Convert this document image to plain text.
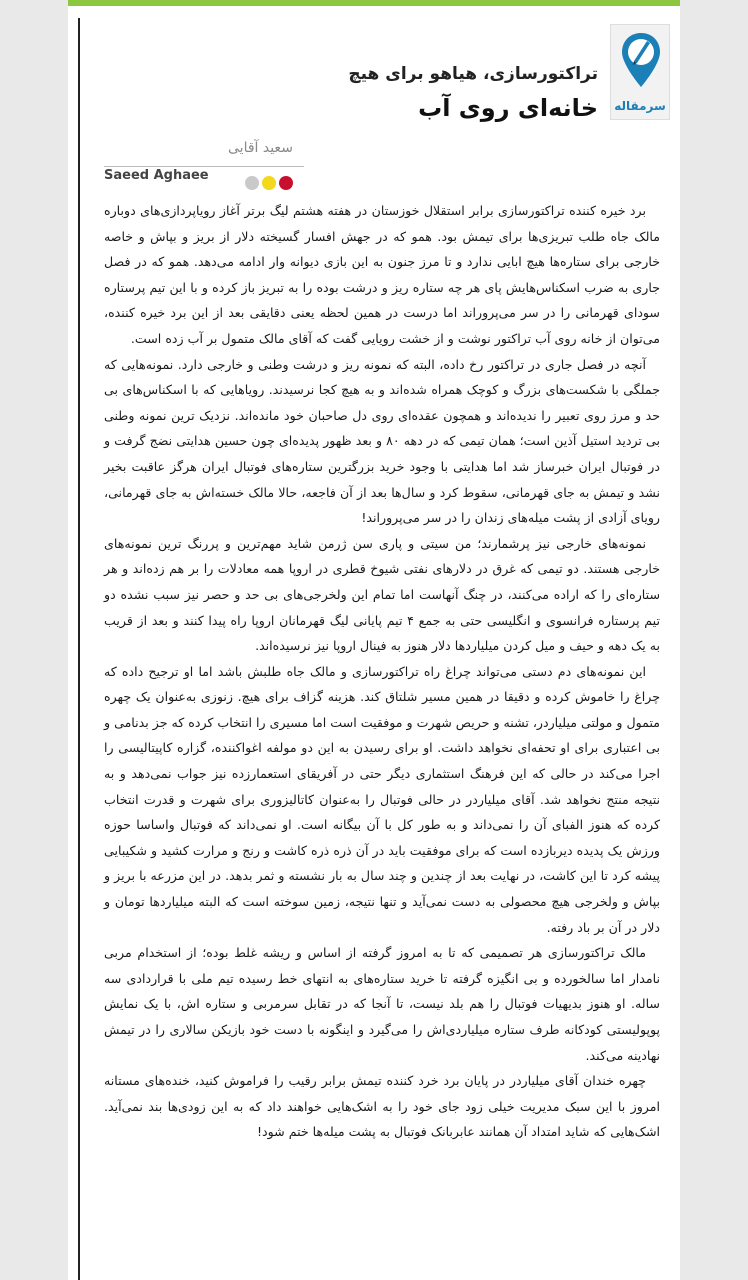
سرمقاله
تراکتورسازی، هیاهو برای هیچ
خانه‌ای روی آب
سعید آقایی
Saeed Aghaee

برد خیره کننده تراکتورسازی برابر استقلال خوزستان در هفته هشتم لیگ برتر آغاز رویاپردازی‌های دوباره مالک جاه طلب تبریزی‌ها برای تیمش بود. همو که در جهش افسار گسیخته دلار از بریز و بپاش و خاصه خارجی برای ستاره‌ها هیچ ابایی ندارد و تا مرز جنون به این بازی دیوانه وار ادامه می‌دهد. همو که در فصل جاری به ضرب اسکناس‌هایش پای هر چه ستاره ریز و درشت بوده را به تبریز باز کرده و با این تیم پرستاره سودای قهرمانی را در سر می‌پروراند اما درست در همین لحظه یعنی دقایقی بعد از این برد خیره کننده، می‌توان از خانه روی آب تراکتور نوشت و از خشت رویایی گفت که آقای مالک متمول بر آب زده است.

آنچه در فصل جاری در تراکتور رخ داده، البته که نمونه ریز و درشت وطنی و خارجی دارد. نمونه‌هایی که جملگی با شکست‌های بزرگ و کوچک همراه شده‌اند و به هیچ کجا نرسیدند. رویاهایی که با اسکناس‌های بی حد و مرز روی تعبیر را ندیده‌اند و همچون عقده‌ای روی دل صاحبان خود مانده‌اند. نزدیک ترین نمونه وطنی بی تردید استیل آذین است؛ همان تیمی که در دهه ۸۰ و بعد ظهور پدیده‌ای چون حسین هدایتی نضج گرفت و در فوتبال ایران خبرساز شد اما هدایتی با وجود خرید بزرگترین ستاره‌های فوتبال ایران هرگز عاقبت بخیر نشد و تیمش به جای قهرمانی، سقوط کرد و سال‌ها بعد از آن فاجعه، حالا مالک خسته‌اش به جای قهرمانی، رویای آزادی از پشت میله‌های زندان را در سر می‌پروراند!

نمونه‌های خارجی نیز پرشمارند؛ من سیتی و پاری سن ژرمن شاید مهم‌ترین و پررنگ ترین نمونه‌های خارجی هستند. دو تیمی که غرق در دلارهای نفتی شیوخ قطری در اروپا همه معادلات را بر هم زده‌اند و هر ستاره‌ای را که اراده می‌کنند، در چنگ آنهاست اما تمام این ولخرجی‌های بی حد و حصر نیز سبب نشده دو تیم پرستاره فرانسوی و انگلیسی حتی به جمع ۴ تیم پایانی لیگ قهرمانان اروپا راه پیدا کنند و بعد از قریب به یک دهه و حیف و میل کردن میلیاردها دلار هنوز به فینال اروپا نیز نرسیده‌اند.

این نمونه‌های دم دستی می‌تواند چراغ راه تراکتورسازی و مالک جاه طلبش باشد اما او ترجیح داده که چراغ را خاموش کرده و دقیقا در همین مسیر شلتاق کند. هزینه گزاف برای هیچ. زنوزی به‌عنوان یک چهره متمول و مولتی میلیاردر، تشنه و حریص شهرت و موفقیت است اما مسیری را انتخاب کرده که جز بدنامی و بی اعتباری برای او تحفه‌ای نخواهد داشت. او برای رسیدن به این دو مولفه اغواکننده، گزاره کاپیتالیسی را اجرا می‌کند در حالی که این فرهنگ استثماری دیگر حتی در آفریقای استعمارزده نیز جواب نمی‌دهد و به نتیجه منتج نخواهد شد. آقای میلیاردر در حالی فوتبال را به‌عنوان کاتالیزوری برای شهرت و قدرت انتخاب کرده که هنوز الفبای آن را نمی‌داند و به طور کل با آن بیگانه است. او نمی‌داند که فوتبال واساسا حوزه ورزش یک پدیده دیربازده است که برای موفقیت باید در آن ذره ذره کاشت و رنج و مرارت کشید و شکیبایی پیشه کرد تا این کاشت، در نهایت بعد از چندین و چند سال به بار نشسته و ثمر بدهد. در این مزرعه با بریز و بپاش و ولخرجی هیچ محصولی به دست نمی‌آید و تنها نتیجه، زمین سوخته است که البته میلیاردها تومان و دلار در آن بر باد رفته.

مالک تراکتورسازی هر تصمیمی که تا به امروز گرفته از اساس و ریشه غلط بوده؛ از استخدام مربی نامدار اما سالخورده و بی انگیزه گرفته تا خرید ستاره‌های به انتهای خط رسیده تیم ملی با قراردادی سه ساله. او هنوز بدیهیات فوتبال را هم بلد نیست، تا آنجا که در تقابل سرمربی و ستاره اش، با یک نمایش پوپولیستی کودکانه طرف ستاره میلیاردی‌اش را می‌گیرد و اینگونه با دست خود بازیکن سالاری را در تیمش نهادینه می‌کند.

چهره خندان آقای میلیاردر در پایان برد خرد کننده تیمش برابر رقیب را فراموش کنید، خنده‌های مستانه امروز با این سبک مدیریت خیلی زود جای خود را به اشک‌هایی خواهند داد که به این زودی‌ها بند نمی‌آید. اشک‌هایی که شاید امتداد آن همانند عابربانک فوتبال به پشت میله‌ها ختم شود!
